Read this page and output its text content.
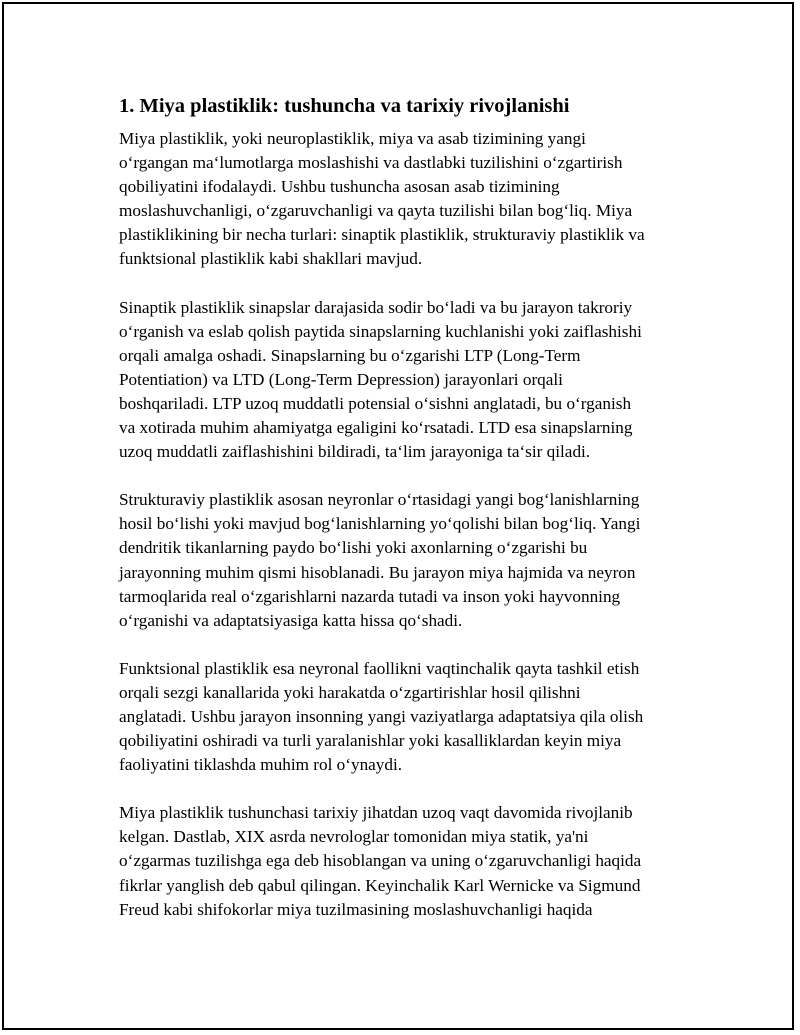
1. Miya plastiklik: tushuncha va tarixiy rivojlanishi

Miya plastiklik, yoki neuroplastiklik, miya va asab tizimining yangi
o‘rgangan ma‘lumotlarga moslashishi va dastlabki tuzilishini o‘zgartirish
qobiliyatini ifodalaydi. Ushbu tushuncha asosan asab tizimining
moslashuvchanligi, o‘zgaruvchanligi va qayta tuzilishi bilan bog‘liq. Miya
plastiklikining bir necha turlari: sinaptik plastiklik, strukturaviy plastiklik va
funktsional plastiklik kabi shakllari mavjud.

Sinaptik plastiklik sinapslar darajasida sodir bo‘ladi va bu jarayon takroriy
o‘rganish va eslab qolish paytida sinapslarning kuchlanishi yoki zaiflashishi
orqali amalga oshadi. Sinapslarning bu o‘zgarishi LTP (Long-Term
Potentiation) va LTD (Long-Term Depression) jarayonlari orqali
boshqariladi. LTP uzoq muddatli potensial o‘sishni anglatadi, bu o‘rganish
va xotirada muhim ahamiyatga egaligini ko‘rsatadi. LTD esa sinapslarning
uzoq muddatli zaiflashishini bildiradi, ta‘lim jarayoniga ta‘sir qiladi.

Strukturaviy plastiklik asosan neyronlar o‘rtasidagi yangi bog‘lanishlarning
hosil bo‘lishi yoki mavjud bog‘lanishlarning yo‘qolishi bilan bog‘liq. Yangi
dendritik tikanlarning paydo bo‘lishi yoki axonlarning o‘zgarishi bu
jarayonning muhim qismi hisoblanadi. Bu jarayon miya hajmida va neyron
tarmoqlarida real o‘zgarishlarni nazarda tutadi va inson yoki hayvonning
o‘rganishi va adaptatsiyasiga katta hissa qo‘shadi.

Funktsional plastiklik esa neyronal faollikni vaqtinchalik qayta tashkil etish
orqali sezgi kanallarida yoki harakatda o‘zgartirishlar hosil qilishni
anglatadi. Ushbu jarayon insonning yangi vaziyatlarga adaptatsiya qila olish
qobiliyatini oshiradi va turli yaralanishlar yoki kasalliklardan keyin miya
faoliyatini tiklashda muhim rol o‘ynaydi.

Miya plastiklik tushunchasi tarixiy jihatdan uzoq vaqt davomida rivojlanib
kelgan. Dastlab, XIX asrda nevrologlar tomonidan miya statik, ya'ni
o‘zgarmas tuzilishga ega deb hisoblangan va uning o‘zgaruvchanligi haqida
fikrlar yanglish deb qabul qilingan. Keyinchalik Karl Wernicke va Sigmund
Freud kabi shifokorlar miya tuzilmasining moslashuvchanligi haqida
